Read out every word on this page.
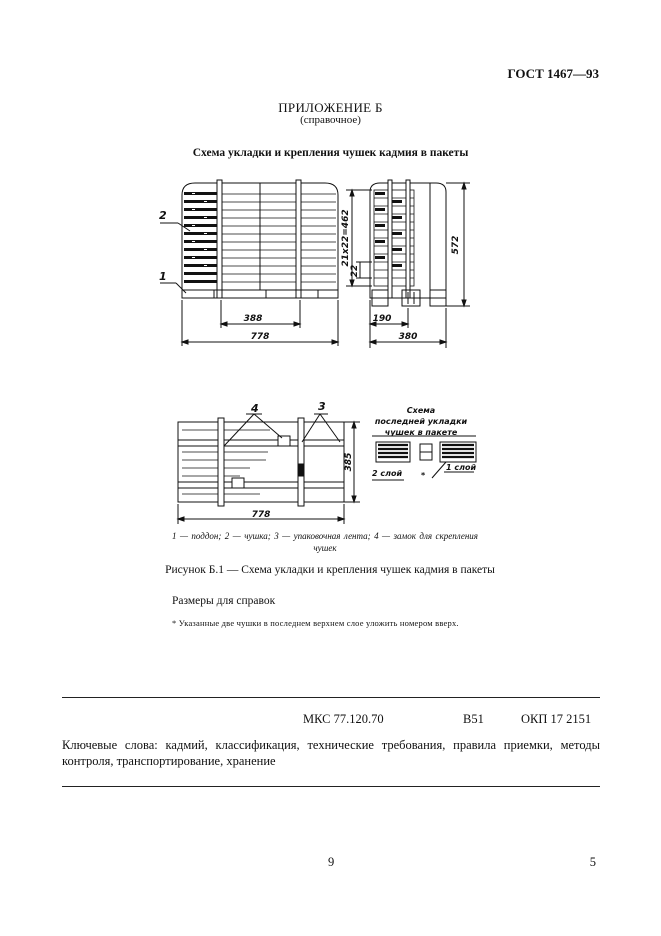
ГОСТ 1467—93
ПРИЛОЖЕНИЕ Б
(справочное)
Схема укладки и крепления чушек кадмия в пакеты
2
1
4	3
388
778
190
380
778
572
21х22=462
22
385
Схема
последней укладки
чушек в пакете
2 слой
1 слой
*
1 — поддон; 2 — чушка; 3 — упаковочная лента; 4 — замок для скрепления чушек
Рисунок Б.1 — Схема укладки и крепления чушек кадмия в пакеты
Размеры для справок
* Указанные две чушки в последнем верхнем слое уложить номером вверх.
МКС 77.120.70	В51	ОКП 17 2151
Ключевые слова: кадмий, классификация, технические требования, правила приемки, методы контроля, транспортирование, хранение
9	5
